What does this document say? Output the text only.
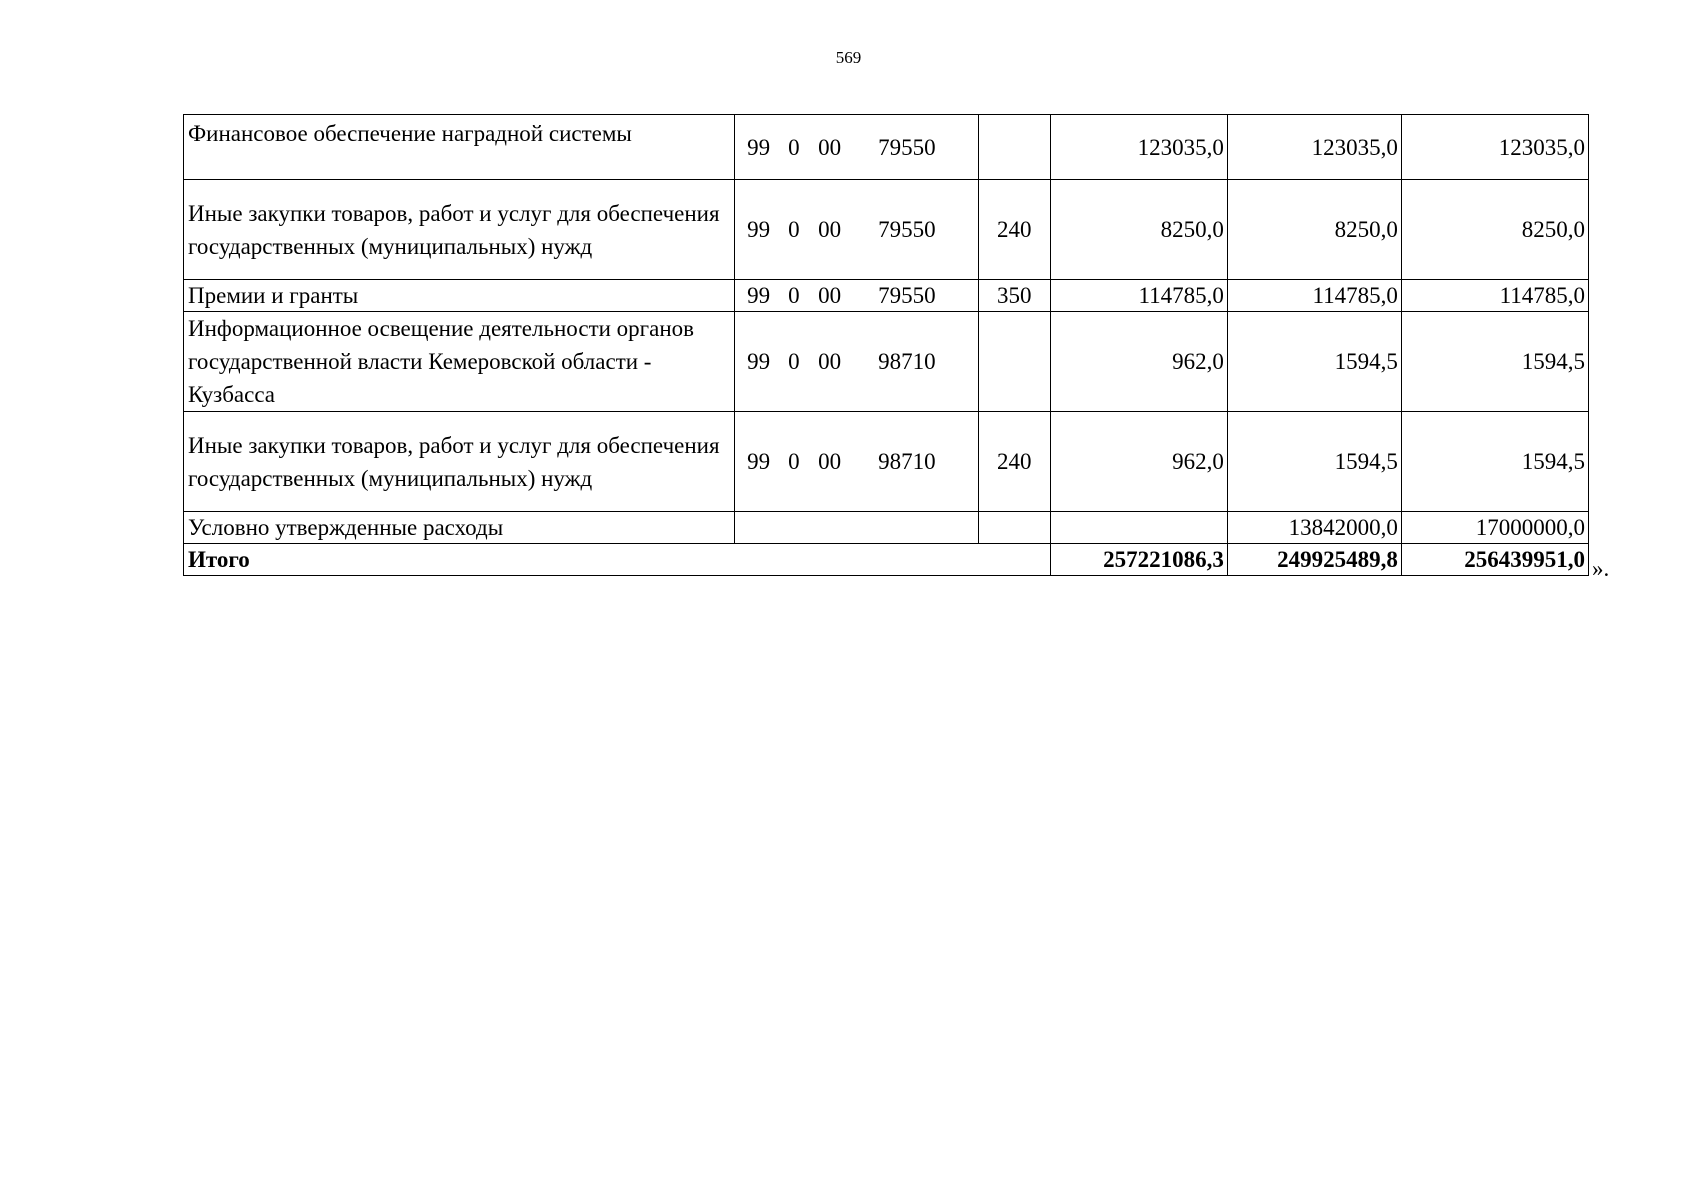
569
Финансовое обеспечение наградной системы	99 0 00 79550		123035,0	123035,0	123035,0
Иные закупки товаров, работ и услуг для обеспечения государственных (муниципальных) нужд	99 0 00 79550	240	8250,0	8250,0	8250,0
Премии и гранты	99 0 00 79550	350	114785,0	114785,0	114785,0
Информационное освещение деятельности органов государственной власти Кемеровской области - Кузбасса	99 0 00 98710		962,0	1594,5	1594,5
Иные закупки товаров, работ и услуг для обеспечения государственных (муниципальных) нужд	99 0 00 98710	240	962,0	1594,5	1594,5
Условно утвержденные расходы				13842000,0	17000000,0
Итого			257221086,3	249925489,8	256439951,0 ».
